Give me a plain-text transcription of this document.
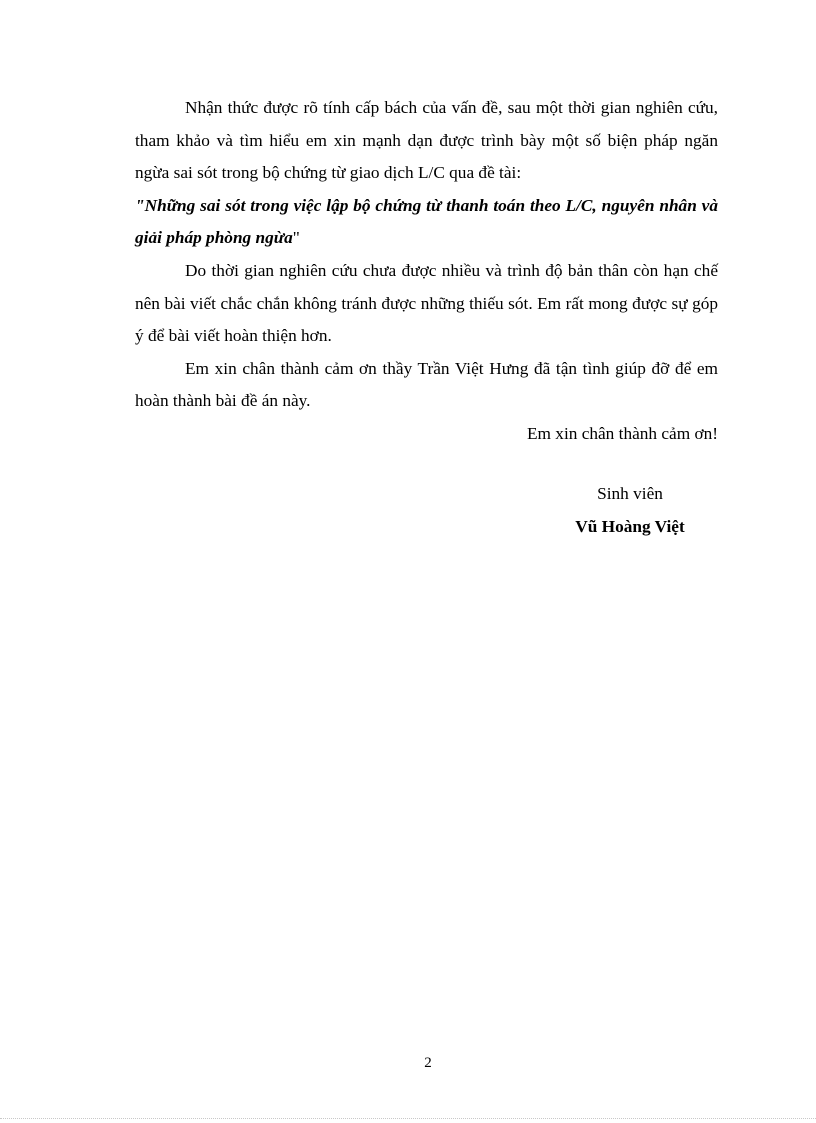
Nhận thức được rõ tính cấp bách của vấn đề, sau một thời gian nghiên cứu, tham khảo và tìm hiểu em xin mạnh dạn được trình bày một số biện pháp ngăn ngừa sai sót trong bộ chứng từ giao dịch L/C qua đề tài:

"Những sai sót trong việc lập bộ chứng từ thanh toán theo L/C, nguyên nhân và giải pháp phòng ngừa"

Do thời gian nghiên cứu chưa được nhiều và trình độ bản thân còn hạn chế nên bài viết chắc chắn không tránh được những thiếu sót. Em rất mong được sự góp ý để bài viết hoàn thiện hơn.

Em xin chân thành cảm ơn thầy Trần Việt Hưng đã tận tình giúp đỡ để em hoàn thành bài đề án này.

Em xin chân thành cảm ơn!

Sinh viên
Vũ Hoàng Việt
2
